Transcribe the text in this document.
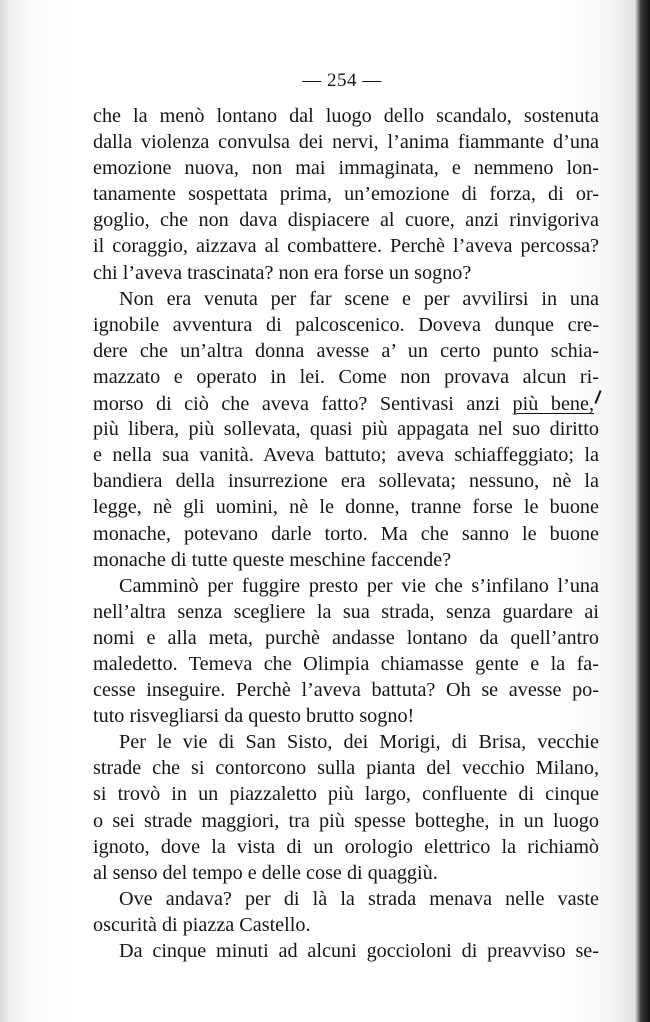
— 254 —
che la menò lontano dal luogo dello scandalo, sostenuta
dalla violenza convulsa dei nervi, l’anima fiammante d’una
emozione nuova, non mai immaginata, e nemmeno lon-
tanamente sospettata prima, un’emozione di forza, di or-
goglio, che non dava dispiacere al cuore, anzi rinvigoriva
il coraggio, aizzava al combattere. Perchè l’aveva percossa?
chi l’aveva trascinata? non era forse un sogno?
Non era venuta per far scene e per avvilirsi in una
ignobile avventura di palcoscenico. Doveva dunque cre-
dere che un’altra donna avesse a’ un certo punto schia-
mazzato e operato in lei. Come non provava alcun ri-
morso di ciò che aveva fatto? Sentivasi anzi più bene,
più libera, più sollevata, quasi più appagata nel suo diritto
e nella sua vanità. Aveva battuto; aveva schiaffeggiato; la
bandiera della insurrezione era sollevata; nessuno, nè la
legge, nè gli uomini, nè le donne, tranne forse le buone
monache, potevano darle torto. Ma che sanno le buone
monache di tutte queste meschine faccende?
Camminò per fuggire presto per vie che s’infilano l’una
nell’altra senza scegliere la sua strada, senza guardare ai
nomi e alla meta, purchè andasse lontano da quell’antro
maledetto. Temeva che Olimpia chiamasse gente e la fa-
cesse inseguire. Perchè l’aveva battuta? Oh se avesse po-
tuto risvegliarsi da questo brutto sogno!
Per le vie di San Sisto, dei Morigi, di Brisa, vecchie
strade che si contorcono sulla pianta del vecchio Milano,
si trovò in un piazzaletto più largo, confluente di cinque
o sei strade maggiori, tra più spesse botteghe, in un luogo
ignoto, dove la vista di un orologio elettrico la richiamò
al senso del tempo e delle cose di quaggiù.
Ove andava? per di là la strada menava nelle vaste
oscurità di piazza Castello.
Da cinque minuti ad alcuni goccioloni di preavviso se-
